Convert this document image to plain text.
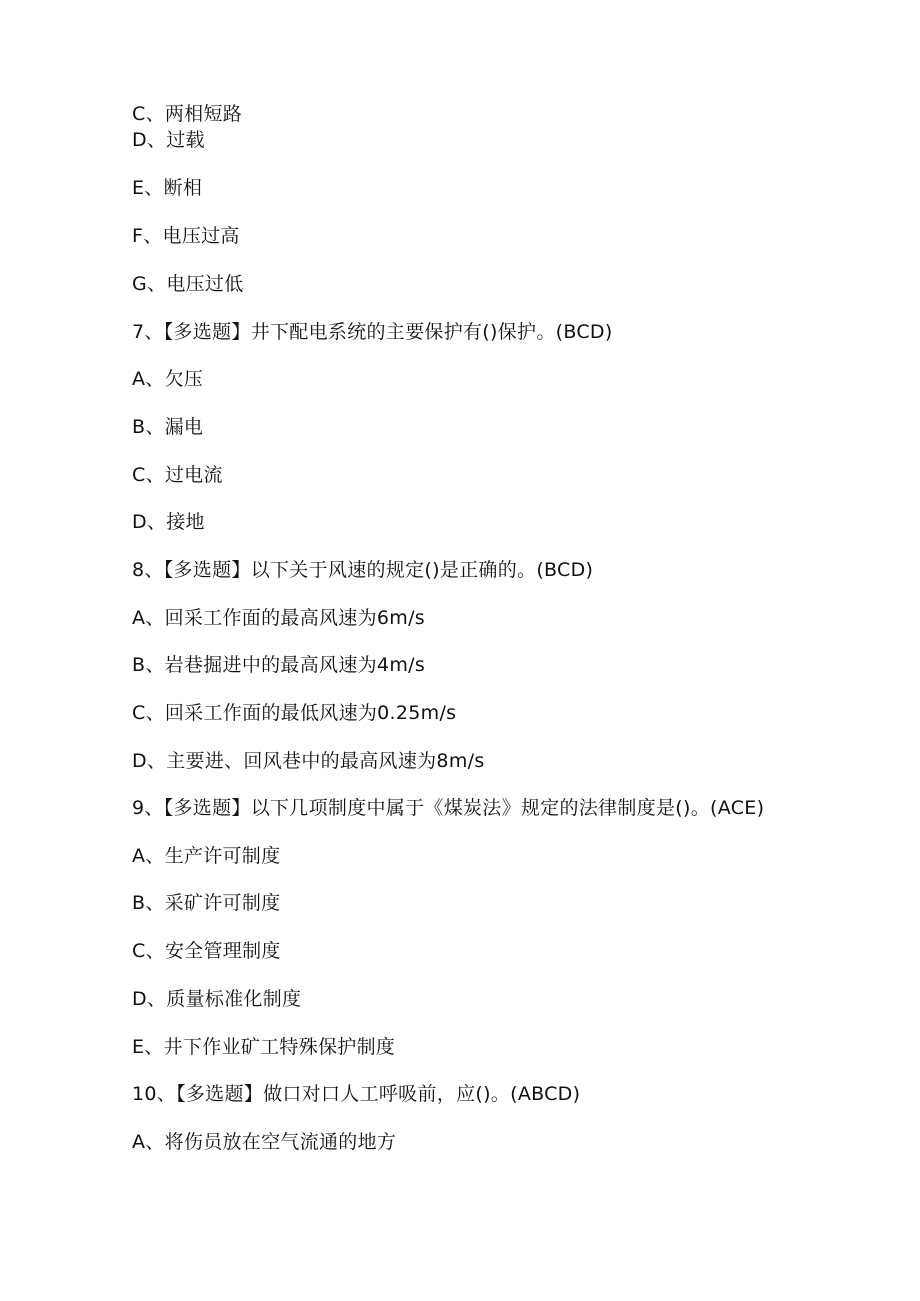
C、两相短路
D、过载
E、断相
F、电压过高
G、电压过低
7、【多选题】井下配电系统的主要保护有()保护。(BCD)
A、欠压
B、漏电
C、过电流
D、接地
8、【多选题】以下关于风速的规定()是正确的。(BCD)
A、回采工作面的最高风速为6m/s
B、岩巷掘进中的最高风速为4m/s
C、回采工作面的最低风速为0.25m/s
D、主要进、回风巷中的最高风速为8m/s
9、【多选题】以下几项制度中属于《煤炭法》规定的法律制度是()。(ACE)
A、生产许可制度
B、采矿许可制度
C、安全管理制度
D、质量标准化制度
E、井下作业矿工特殊保护制度
10、【多选题】做口对口人工呼吸前，应()。(ABCD)
A、将伤员放在空气流通的地方
